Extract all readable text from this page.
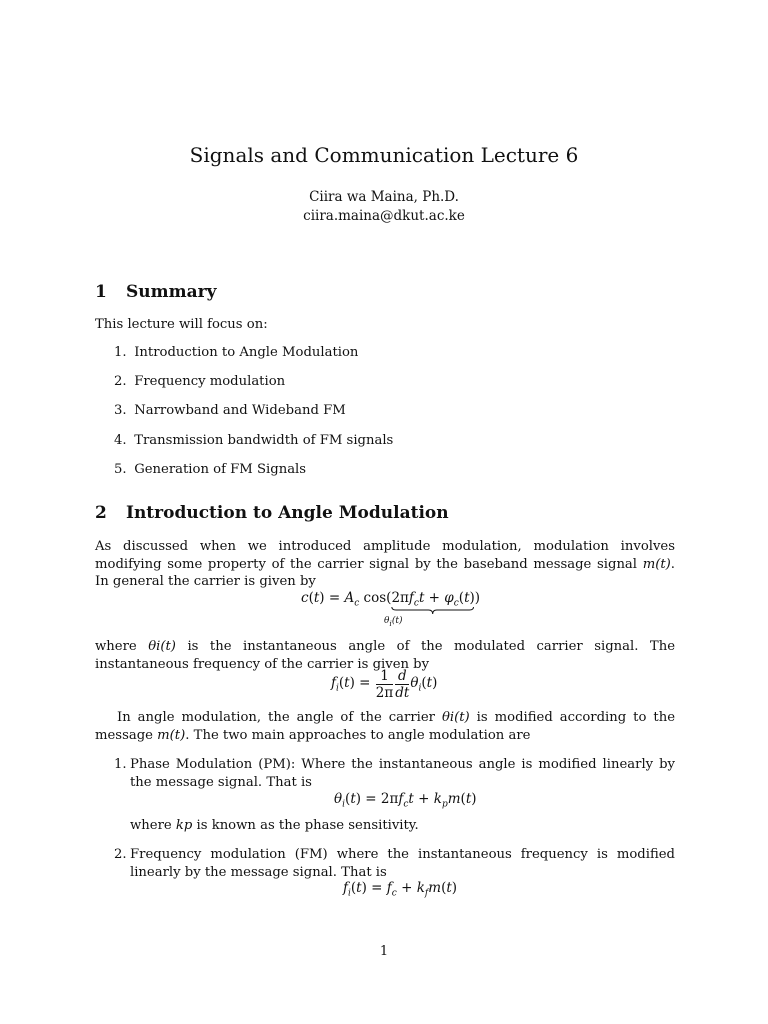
Signals and Communication Lecture 6
Ciira wa Maina, Ph.D.
ciira.maina@dkut.ac.ke
1 Summary
This lecture will focus on:
1. Introduction to Angle Modulation
2. Frequency modulation
3. Narrowband and Wideband FM
4. Transmission bandwidth of FM signals
5. Generation of FM Signals
2 Introduction to Angle Modulation

As discussed when we introduced amplitude modulation, modulation involves modifying some property of the carrier signal by the baseband message signal m(t). In general the carrier is given by

$c(t) = A_c$ $\cos(2\pi f_ct + \varphi_c(t)$
)
$\theta_i(t)$

where θi(t) is the instantaneous angle of the modulated carrier signal. The instantaneous frequency of the carrier is given by

$f_i(t) = \frac{1}{2\pi} \frac{d}{dt} \theta_i(t)$

In angle modulation, the angle of the carrier θi(t) is modified according to the message m(t). The two main approaches to angle modulation are

1. Phase Modulation (PM): Where the instantaneous angle is modified linearly by the message signal. That is
$\theta_i(t) = 2\pi f_ct + k_pm(t)$
where kp is known as the phase sensitivity.
2. Frequency modulation (FM) where the instantaneous frequency is modified linearly by the message signal. That is
$f_i(t) = f_c + k_fm(t)$
1
